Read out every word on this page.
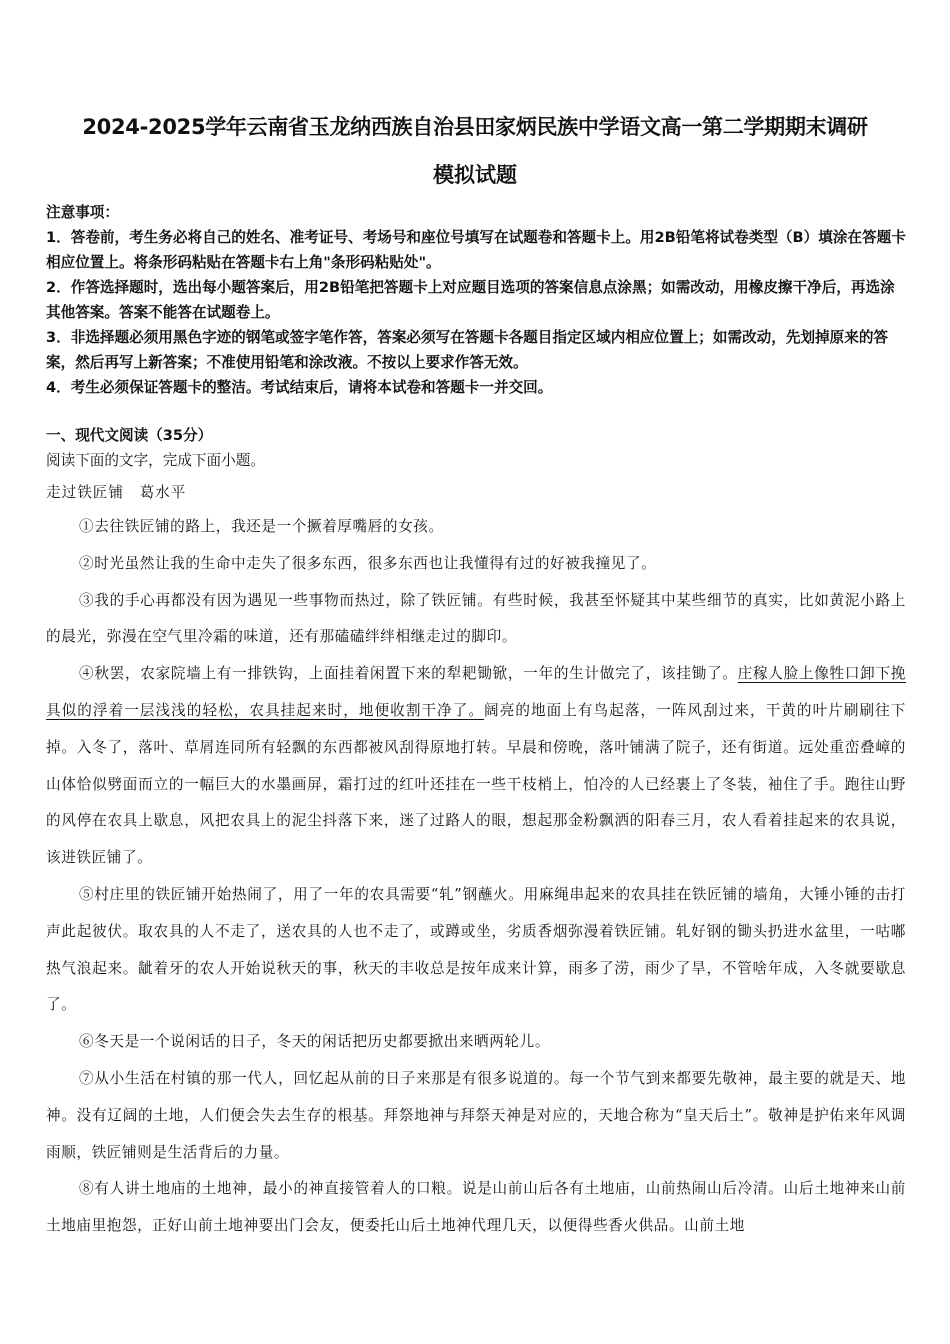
2024-2025学年云南省玉龙纳西族自治县田家炳民族中学语文高一第二学期期末调研
模拟试题
注意事项：
1．答卷前，考生务必将自己的姓名、准考证号、考场号和座位号填写在试题卷和答题卡上。用2B铅笔将试卷类型（B）填涂在答题卡相应位置上。将条形码粘贴在答题卡右上角"条形码粘贴处"。
2．作答选择题时，选出每小题答案后，用2B铅笔把答题卡上对应题目选项的答案信息点涂黑；如需改动，用橡皮擦干净后，再选涂其他答案。答案不能答在试题卷上。
3．非选择题必须用黑色字迹的钢笔或签字笔作答，答案必须写在答题卡各题目指定区域内相应位置上；如需改动，先划掉原来的答案，然后再写上新答案；不准使用铅笔和涂改液。不按以上要求作答无效。
4．考生必须保证答题卡的整洁。考试结束后，请将本试卷和答题卡一并交回。
一、现代文阅读（35分）
阅读下面的文字，完成下面小题。
走过铁匠铺　葛水平

①去往铁匠铺的路上，我还是一个撅着厚嘴唇的女孩。

②时光虽然让我的生命中走失了很多东西，很多东西也让我懂得有过的好被我撞见了。

③我的手心再都没有因为遇见一些事物而热过，除了铁匠铺。有些时候，我甚至怀疑其中某些细节的真实，比如黄泥小路上的晨光，弥漫在空气里冷霜的味道，还有那磕磕绊绊相继走过的脚印。

④秋罢，农家院墙上有一排铁钩，上面挂着闲置下来的犁耙锄锨，一年的生计做完了，该挂锄了。庄稼人脸上像牲口卸下挽具似的浮着一层浅浅的轻松，农具挂起来时，地便收割干净了。阔亮的地面上有鸟起落，一阵风刮过来，干黄的叶片刷刷往下掉。入冬了，落叶、草屑连同所有轻飘的东西都被风刮得原地打转。早晨和傍晚，落叶铺满了院子，还有街道。远处重峦叠嶂的山体恰似劈面而立的一幅巨大的水墨画屏，霜打过的红叶还挂在一些干枝梢上，怕冷的人已经裹上了冬装，袖住了手。跑往山野的风停在农具上歇息，风把农具上的泥尘抖落下来，迷了过路人的眼，想起那金粉飘洒的阳春三月，农人看着挂起来的农具说，该进铁匠铺了。

⑤村庄里的铁匠铺开始热闹了，用了一年的农具需要“轧”钢蘸火。用麻绳串起来的农具挂在铁匠铺的墙角，大锤小锤的击打声此起彼伏。取农具的人不走了，送农具的人也不走了，或蹲或坐，劣质香烟弥漫着铁匠铺。轧好钢的锄头扔进水盆里，一咕嘟热气浪起来。龇着牙的农人开始说秋天的事，秋天的丰收总是按年成来计算，雨多了涝，雨少了旱，不管啥年成，入冬就要歇息了。

⑥冬天是一个说闲话的日子，冬天的闲话把历史都要掀出来晒两轮儿。

⑦从小生活在村镇的那一代人，回忆起从前的日子来那是有很多说道的。每一个节气到来都要先敬神，最主要的就是天、地神。没有辽阔的土地，人们便会失去生存的根基。拜祭地神与拜祭天神是对应的，天地合称为“皇天后土”。敬神是护佑来年风调雨顺，铁匠铺则是生活背后的力量。

⑧有人讲土地庙的土地神，最小的神直接管着人的口粮。说是山前山后各有土地庙，山前热闹山后冷清。山后土地神来山前土地庙里抱怨，正好山前土地神要出门会友，便委托山后土地神代理几天，以便得些香火供品。山前土地
